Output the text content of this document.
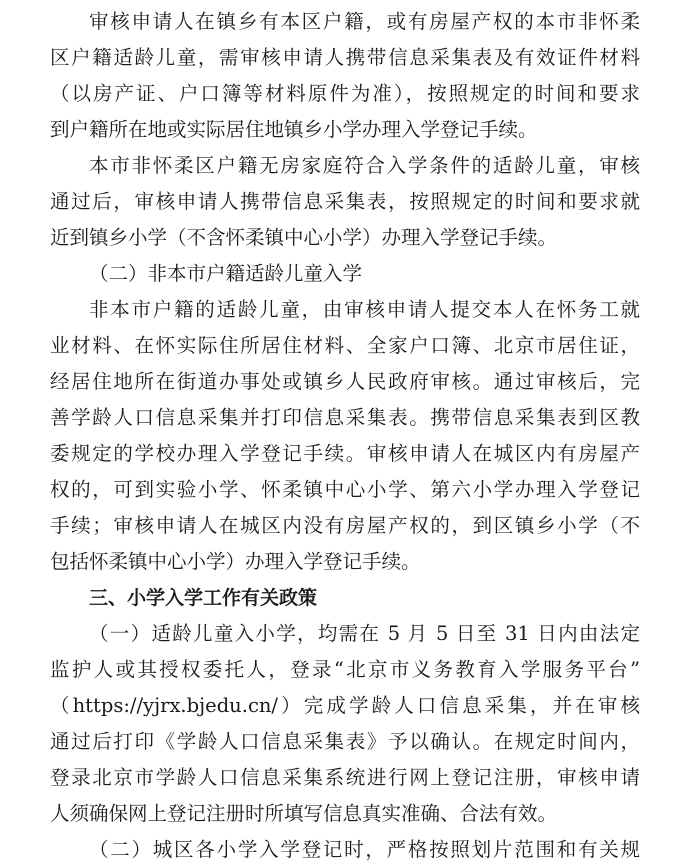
审核申请人在镇乡有本区户籍，或有房屋产权的本市非怀柔
区户籍适龄儿童，需审核申请人携带信息采集表及有效证件材料
（以房产证、户口簿等材料原件为准），按照规定的时间和要求
到户籍所在地或实际居住地镇乡小学办理入学登记手续。
本市非怀柔区户籍无房家庭符合入学条件的适龄儿童，审核
通过后，审核申请人携带信息采集表，按照规定的时间和要求就
近到镇乡小学（不含怀柔镇中心小学）办理入学登记手续。
（二）非本市户籍适龄儿童入学
非本市户籍的适龄儿童，由审核申请人提交本人在怀务工就
业材料、在怀实际住所居住材料、全家户口簿、北京市居住证，
经居住地所在街道办事处或镇乡人民政府审核。通过审核后，完
善学龄人口信息采集并打印信息采集表。携带信息采集表到区教
委规定的学校办理入学登记手续。审核申请人在城区内有房屋产
权的，可到实验小学、怀柔镇中心小学、第六小学办理入学登记
手续；审核申请人在城区内没有房屋产权的，到区镇乡小学（不
包括怀柔镇中心小学）办理入学登记手续。
三、小学入学工作有关政策
（一）适龄儿童入小学，均需在 5 月 5 日至 31 日内由法定
监护人或其授权委托人，登录“北京市义务教育入学服务平台”
（https://yjrx.bjedu.cn/）完成学龄人口信息采集，并在审核
通过后打印《学龄人口信息采集表》予以确认。在规定时间内，
登录北京市学龄人口信息采集系统进行网上登记注册，审核申请
人须确保网上登记注册时所填写信息真实准确、合法有效。
（二）城区各小学入学登记时，严格按照划片范围和有关规
